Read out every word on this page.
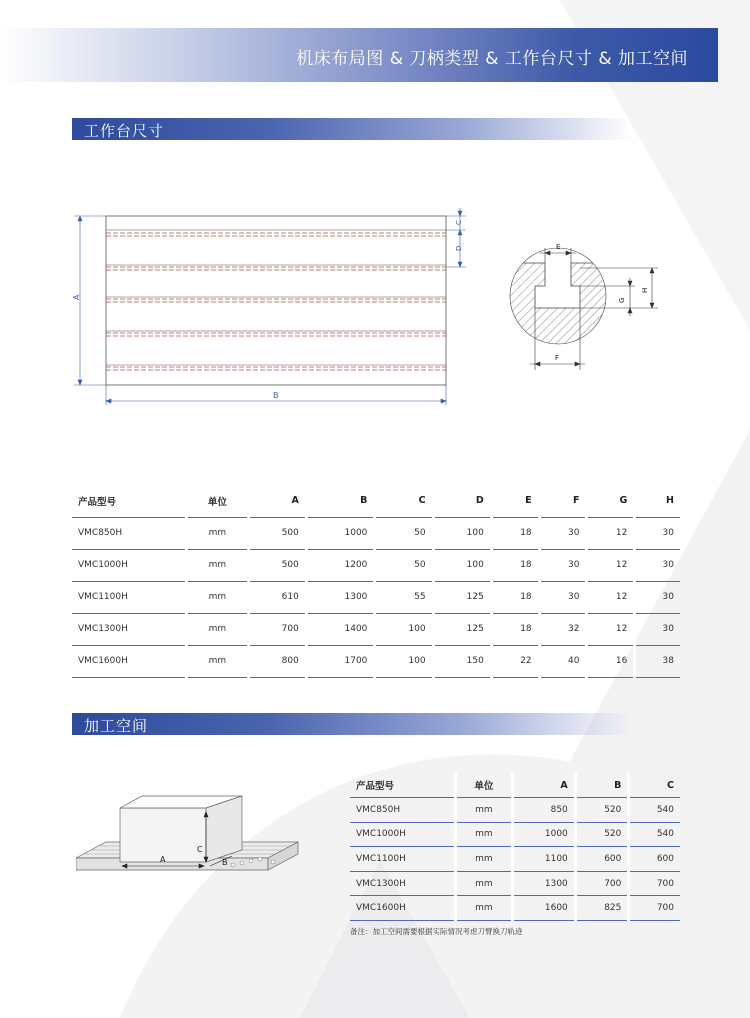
机床布局图 & 刀柄类型 & 工作台尺寸 & 加工空间
工作台尺寸
A
B
C
D	E
F
G
H
产品型号	单位	A	B	C	D	E	F	G	H
VMC850H	mm	500	1000	50	100	18	30	12	30
VMC1000H	mm	500	1200	50	100	18	30	12	30
VMC1100H	mm	610	1300	55	125	18	30	12	30
VMC1300H	mm	700	1400	100	125	18	32	12	30
VMC1600H	mm	800	1700	100	150	22	40	16	38
加工空间
A
C
B
产品型号	单位	A	B	C
VMC850H	mm	850	520	540
VMC1000H	mm	1000	520	540
VMC1100H	mm	1100	600	600
VMC1300H	mm	1300	700	700
VMC1600H	mm	1600	825	700
备注：加工空间需要根据实际情况考虑刀臂换刀轨迹
